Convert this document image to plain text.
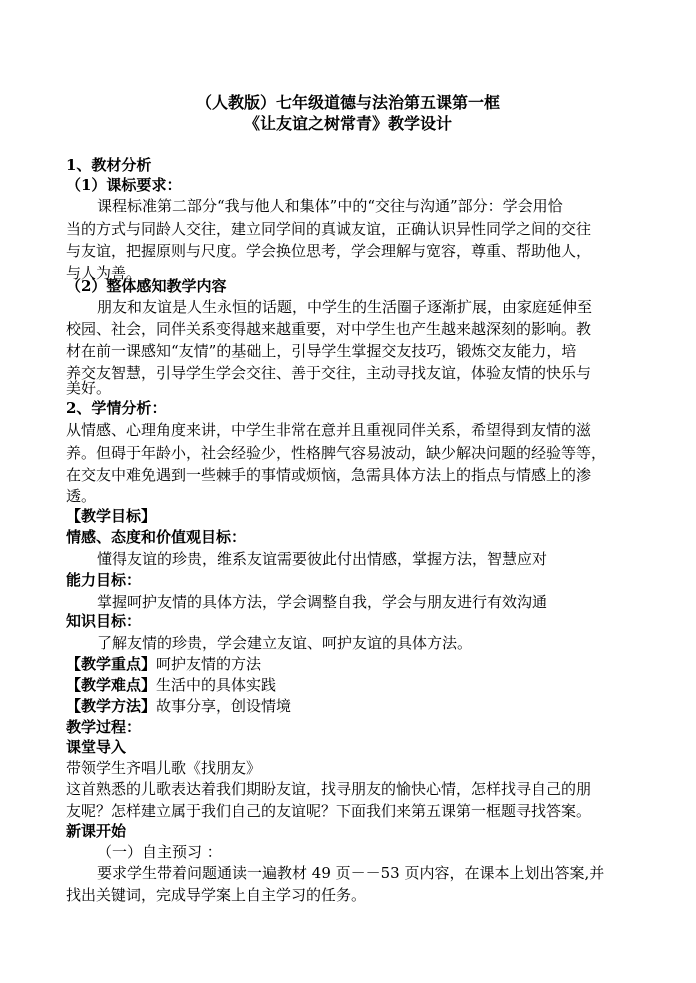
（人教版）七年级道德与法治第五课第一框
《让友谊之树常青》教学设计
1、教材分析
（1）课标要求：
课程标准第二部分“我与他人和集体”中的“交往与沟通”部分：学会用恰
当的方式与同龄人交往，建立同学间的真诚友谊，正确认识异性同学之间的交往
与友谊，把握原则与尺度。学会换位思考，学会理解与宽容，尊重、帮助他人，
与人为善。
（2）整体感知教学内容
朋友和友谊是人生永恒的话题，中学生的生活圈子逐渐扩展，由家庭延伸至
校园、社会，同伴关系变得越来越重要，对中学生也产生越来越深刻的影响。教
材在前一课感知“友情”的基础上，引导学生掌握交友技巧，锻炼交友能力，培
养交友智慧，引导学生学会交往、善于交往，主动寻找友谊，体验友情的快乐与
美好。
2、学情分析：
从情感、心理角度来讲，中学生非常在意并且重视同伴关系，希望得到友情的滋
养。但碍于年龄小，社会经验少，性格脾气容易波动，缺少解决问题的经验等等，
在交友中难免遇到一些棘手的事情或烦恼，急需具体方法上的指点与情感上的渗
透。
【教学目标】
情感、态度和价值观目标：
懂得友谊的珍贵，维系友谊需要彼此付出情感，掌握方法，智慧应对
能力目标：
掌握呵护友情的具体方法，学会调整自我，学会与朋友进行有效沟通
知识目标：
了解友情的珍贵，学会建立友谊、呵护友谊的具体方法。
【教学重点】呵护友情的方法
【教学难点】生活中的具体实践
【教学方法】故事分享，创设情境
教学过程：
课堂导入
带领学生齐唱儿歌《找朋友》
这首熟悉的儿歌表达着我们期盼友谊，找寻朋友的愉快心情，怎样找寻自己的朋
友呢？怎样建立属于我们自己的友谊呢？下面我们来第五课第一框题寻找答案。
新课开始
（一）自主预习 ：
要求学生带着问题通读一遍教材 49 页－－53 页内容，在课本上划出答案,并
找出关键词，完成导学案上自主学习的任务。
